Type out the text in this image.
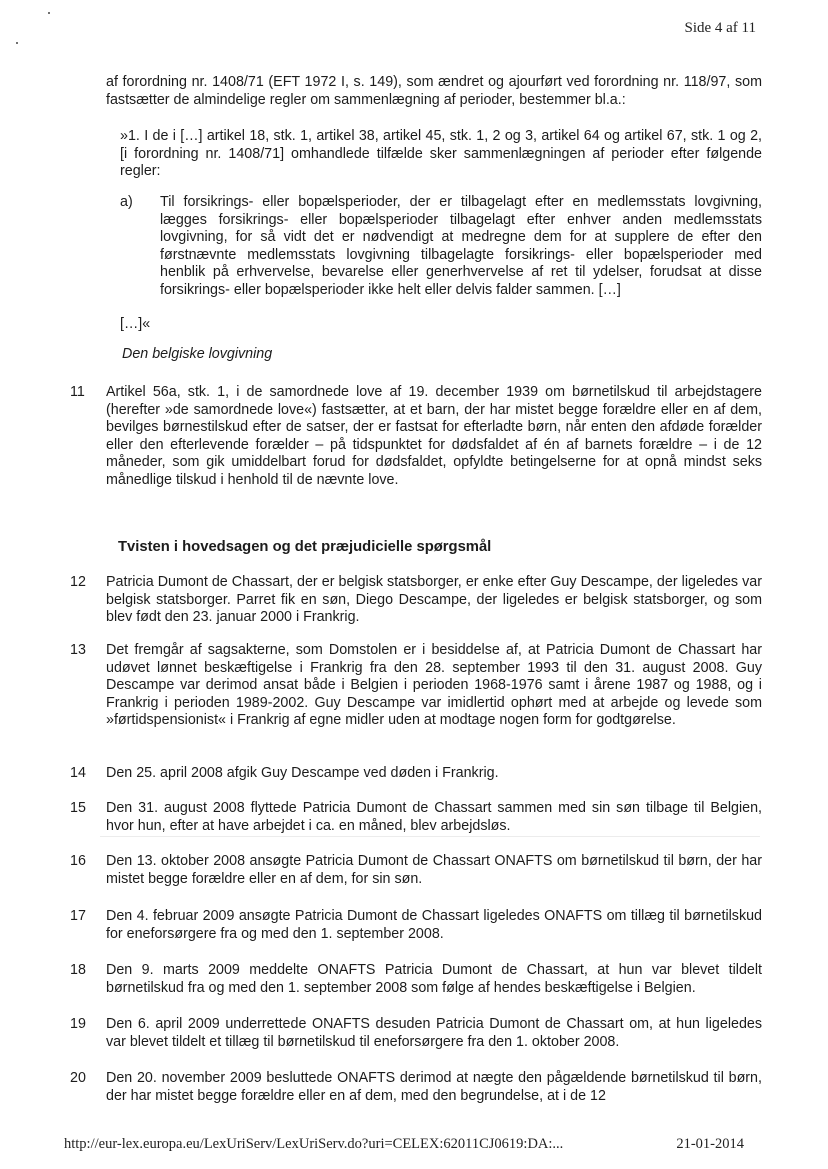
Side 4 af 11
af forordning nr. 1408/71 (EFT 1972 I, s. 149), som ændret og ajourført ved forordning nr. 118/97, som fastsætter de almindelige regler om sammenlægning af perioder, bestemmer bl.a.:
»1. I de i […] artikel 18, stk. 1, artikel 38, artikel 45, stk. 1, 2 og 3, artikel 64 og artikel 67, stk. 1 og 2, [i forordning nr. 1408/71] omhandlede tilfælde sker sammenlægningen af perioder efter følgende regler:
a)	Til forsikrings- eller bopælsperioder, der er tilbagelagt efter en medlemsstats lovgivning, lægges forsikrings- eller bopælsperioder tilbagelagt efter enhver anden medlemsstats lovgivning, for så vidt det er nødvendigt at medregne dem for at supplere de efter den førstnævnte medlemsstats lovgivning tilbagelagte forsikrings- eller bopælsperioder med henblik på erhvervelse, bevarelse eller generhvervelse af ret til ydelser, forudsat at disse forsikrings- eller bopælsperioder ikke helt eller delvis falder sammen. […]
[…]«
Den belgiske lovgivning
11	Artikel 56a, stk. 1, i de samordnede love af 19. december 1939 om børnetilskud til arbejdstagere (herefter »de samordnede love«) fastsætter, at et barn, der har mistet begge forældre eller en af dem, bevilges børnestilskud efter de satser, der er fastsat for efterladte børn, når enten den afdøde forælder eller den efterlevende forælder – på tidspunktet for dødsfaldet af én af barnets forældre – i de 12 måneder, som gik umiddelbart forud for dødsfaldet, opfyldte betingelserne for at opnå mindst seks månedlige tilskud i henhold til de nævnte love.
Tvisten i hovedsagen og det præjudicielle spørgsmål
12	Patricia Dumont de Chassart, der er belgisk statsborger, er enke efter Guy Descampe, der ligeledes var belgisk statsborger. Parret fik en søn, Diego Descampe, der ligeledes er belgisk statsborger, og som blev født den 23. januar 2000 i Frankrig.
13	Det fremgår af sagsakterne, som Domstolen er i besiddelse af, at Patricia Dumont de Chassart har udøvet lønnet beskæftigelse i Frankrig fra den 28. september 1993 til den 31. august 2008. Guy Descampe var derimod ansat både i Belgien i perioden 1968-1976 samt i årene 1987 og 1988, og i Frankrig i perioden 1989-2002. Guy Descampe var imidlertid ophørt med at arbejde og levede som »førtidspensionist« i Frankrig af egne midler uden at modtage nogen form for godtgørelse.
14	Den 25. april 2008 afgik Guy Descampe ved døden i Frankrig.
15	Den 31. august 2008 flyttede Patricia Dumont de Chassart sammen med sin søn tilbage til Belgien, hvor hun, efter at have arbejdet i ca. en måned, blev arbejdsløs.
16	Den 13. oktober 2008 ansøgte Patricia Dumont de Chassart ONAFTS om børnetilskud til børn, der har mistet begge forældre eller en af dem, for sin søn.
17	Den 4. februar 2009 ansøgte Patricia Dumont de Chassart ligeledes ONAFTS om tillæg til børnetilskud for eneforsørgere fra og med den 1. september 2008.
18	Den 9. marts 2009 meddelte ONAFTS Patricia Dumont de Chassart, at hun var blevet tildelt børnetilskud fra og med den 1. september 2008 som følge af hendes beskæftigelse i Belgien.
19	Den 6. april 2009 underrettede ONAFTS desuden Patricia Dumont de Chassart om, at hun ligeledes var blevet tildelt et tillæg til børnetilskud til eneforsørgere fra den 1. oktober 2008.
20	Den 20. november 2009 besluttede ONAFTS derimod at nægte den pågældende børnetilskud til børn, der har mistet begge forældre eller en af dem, med den begrundelse, at i de 12
http://eur-lex.europa.eu/LexUriServ/LexUriServ.do?uri=CELEX:62011CJ0619:DA:...	21-01-2014
